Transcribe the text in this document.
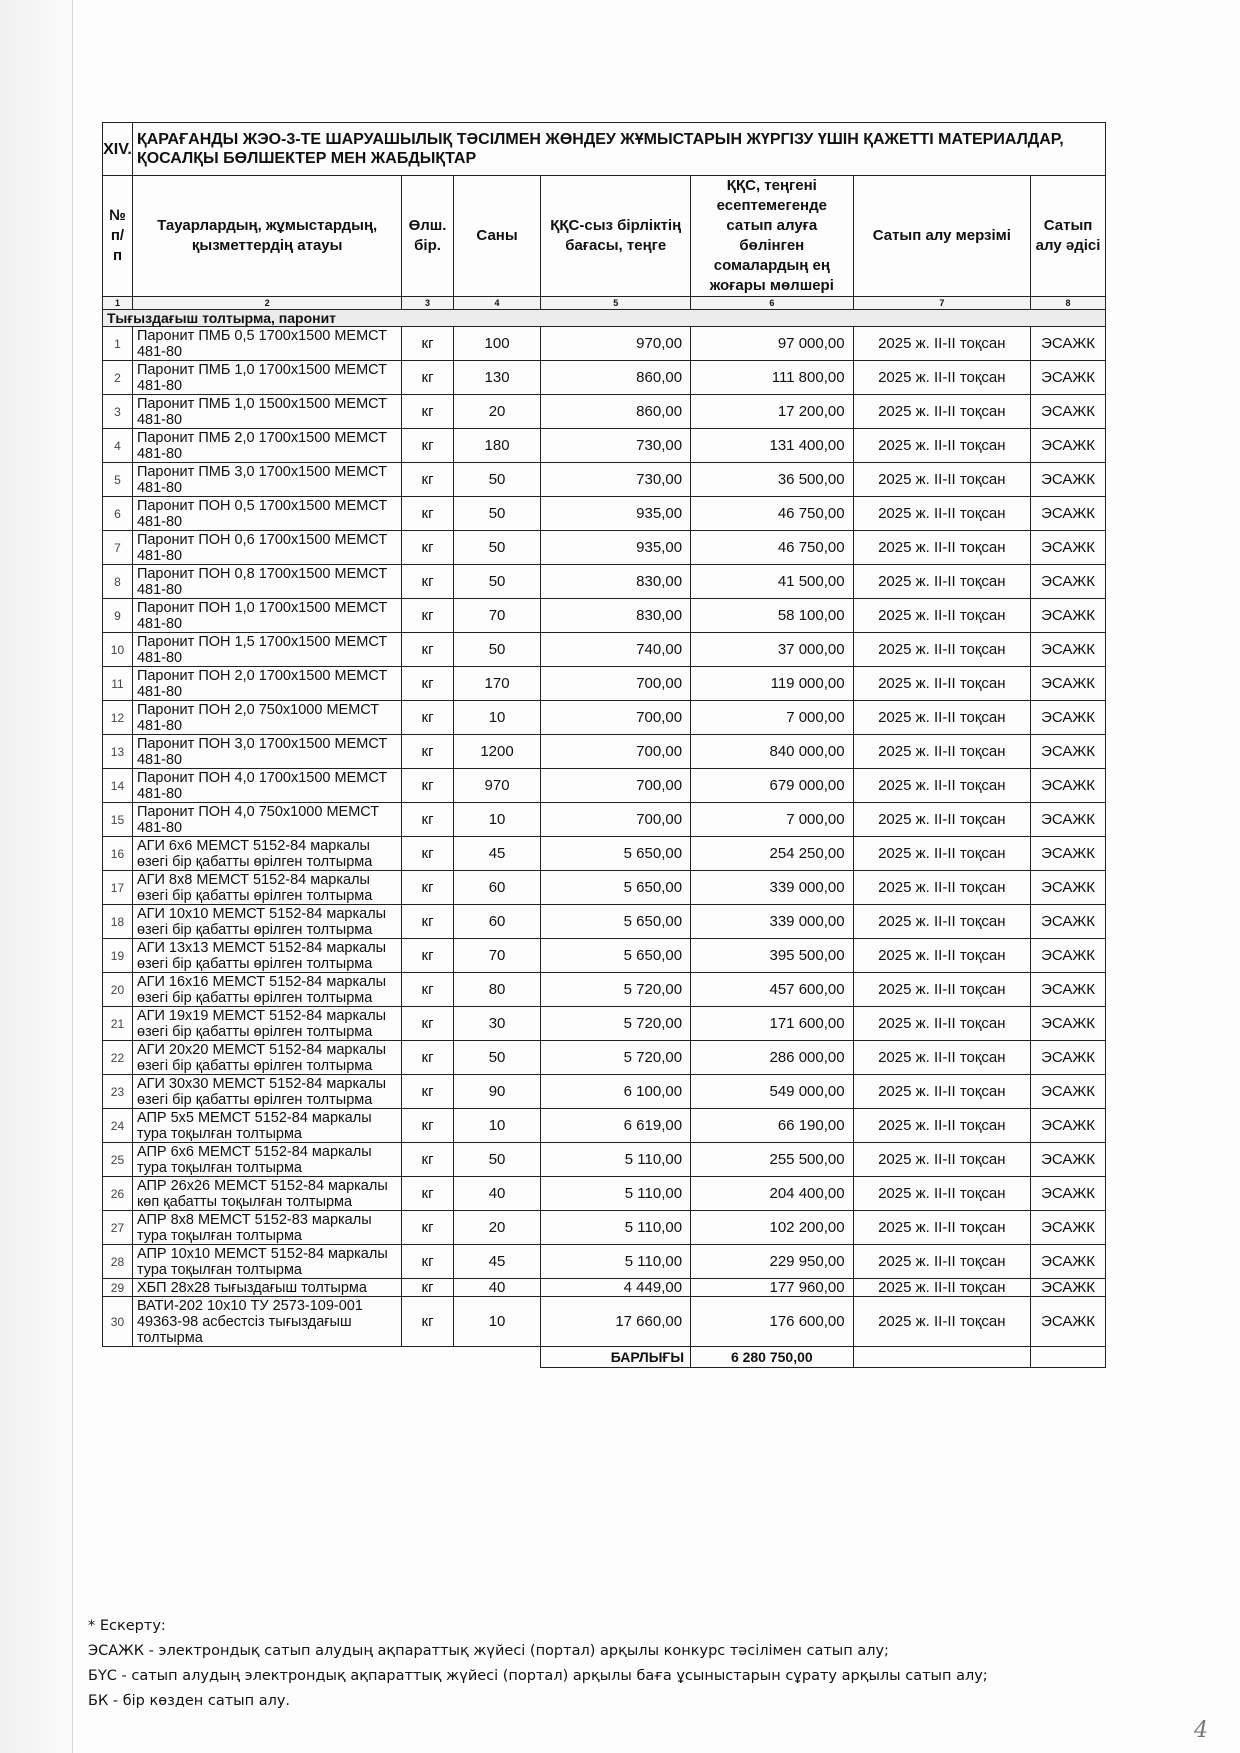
XIV.	ҚАРАҒАНДЫ ЖЭО-3-ТЕ ШАРУАШЫЛЫҚ ТӘСІЛМЕН ЖӨНДЕУ ЖҰМЫСТАРЫН ЖҮРГІЗУ ҮШІН ҚАЖЕТТІ МАТЕРИАЛДАР, ҚОСАЛҚЫ БӨЛШЕКТЕР МЕН ЖАБДЫҚТАР						
№ п/п	Тауарлардың, жұмыстардың, қызметтердің атауы	Өлш. бір.	Саны	ҚҚС-сыз бірліктің бағасы, теңге	ҚҚС, теңгені есептемегенде сатып алуға бөлінген сомалардың ең жоғары мөлшері	Сатып алу мерзімі	Сатып алу әдісі
1	2	3	4	5	6	7	8
Тығыздағыш толтырма, паронит							
1	Паронит ПМБ 0,5 1700х1500 МЕМСТ 481-80	кг	100	970,00	97 000,00	2025 ж. ІІ-ІІ тоқсан	ЭСАЖК
2	Паронит ПМБ 1,0 1700х1500 МЕМСТ 481-80	кг	130	860,00	111 800,00	2025 ж. ІІ-ІІ тоқсан	ЭСАЖК
3	Паронит ПМБ 1,0 1500х1500 МЕМСТ 481-80	кг	20	860,00	17 200,00	2025 ж. ІІ-ІІ тоқсан	ЭСАЖК
4	Паронит ПМБ 2,0 1700х1500 МЕМСТ 481-80	кг	180	730,00	131 400,00	2025 ж. ІІ-ІІ тоқсан	ЭСАЖК
5	Паронит ПМБ 3,0 1700х1500 МЕМСТ 481-80	кг	50	730,00	36 500,00	2025 ж. ІІ-ІІ тоқсан	ЭСАЖК
6	Паронит ПОН 0,5 1700х1500 МЕМСТ 481-80	кг	50	935,00	46 750,00	2025 ж. ІІ-ІІ тоқсан	ЭСАЖК
7	Паронит ПОН 0,6 1700х1500 МЕМСТ 481-80	кг	50	935,00	46 750,00	2025 ж. ІІ-ІІ тоқсан	ЭСАЖК
8	Паронит ПОН 0,8 1700х1500 МЕМСТ 481-80	кг	50	830,00	41 500,00	2025 ж. ІІ-ІІ тоқсан	ЭСАЖК
9	Паронит ПОН 1,0 1700х1500 МЕМСТ 481-80	кг	70	830,00	58 100,00	2025 ж. ІІ-ІІ тоқсан	ЭСАЖК
10	Паронит ПОН 1,5 1700х1500 МЕМСТ 481-80	кг	50	740,00	37 000,00	2025 ж. ІІ-ІІ тоқсан	ЭСАЖК
11	Паронит ПОН 2,0 1700х1500 МЕМСТ 481-80	кг	170	700,00	119 000,00	2025 ж. ІІ-ІІ тоқсан	ЭСАЖК
12	Паронит ПОН 2,0 750х1000 МЕМСТ 481-80	кг	10	700,00	7 000,00	2025 ж. ІІ-ІІ тоқсан	ЭСАЖК
13	Паронит ПОН 3,0 1700х1500 МЕМСТ 481-80	кг	1200	700,00	840 000,00	2025 ж. ІІ-ІІ тоқсан	ЭСАЖК
14	Паронит ПОН 4,0 1700х1500 МЕМСТ 481-80	кг	970	700,00	679 000,00	2025 ж. ІІ-ІІ тоқсан	ЭСАЖК
15	Паронит ПОН 4,0 750х1000 МЕМСТ 481-80	кг	10	700,00	7 000,00	2025 ж. ІІ-ІІ тоқсан	ЭСАЖК
16	АГИ 6х6 МЕМСТ 5152-84 маркалы өзегі бір қабатты өрілген толтырма	кг	45	5 650,00	254 250,00	2025 ж. ІІ-ІІ тоқсан	ЭСАЖК
17	АГИ 8х8 МЕМСТ 5152-84 маркалы өзегі бір қабатты өрілген толтырма	кг	60	5 650,00	339 000,00	2025 ж. ІІ-ІІ тоқсан	ЭСАЖК
18	АГИ 10х10 МЕМСТ 5152-84 маркалы өзегі бір қабатты өрілген толтырма	кг	60	5 650,00	339 000,00	2025 ж. ІІ-ІІ тоқсан	ЭСАЖК
19	АГИ 13х13 МЕМСТ 5152-84 маркалы өзегі бір қабатты өрілген толтырма	кг	70	5 650,00	395 500,00	2025 ж. ІІ-ІІ тоқсан	ЭСАЖК
20	АГИ 16х16 МЕМСТ 5152-84 маркалы өзегі бір қабатты өрілген толтырма	кг	80	5 720,00	457 600,00	2025 ж. ІІ-ІІ тоқсан	ЭСАЖК
21	АГИ 19х19 МЕМСТ 5152-84 маркалы өзегі бір қабатты өрілген толтырма	кг	30	5 720,00	171 600,00	2025 ж. ІІ-ІІ тоқсан	ЭСАЖК
22	АГИ 20х20 МЕМСТ 5152-84 маркалы өзегі бір қабатты өрілген толтырма	кг	50	5 720,00	286 000,00	2025 ж. ІІ-ІІ тоқсан	ЭСАЖК
23	АГИ 30х30 МЕМСТ 5152-84 маркалы өзегі бір қабатты өрілген толтырма	кг	90	6 100,00	549 000,00	2025 ж. ІІ-ІІ тоқсан	ЭСАЖК
24	АПР 5х5 МЕМСТ 5152-84 маркалы тура тоқылған толтырма	кг	10	6 619,00	66 190,00	2025 ж. ІІ-ІІ тоқсан	ЭСАЖК
25	АПР 6х6 МЕМСТ 5152-84 маркалы тура тоқылған толтырма	кг	50	5 110,00	255 500,00	2025 ж. ІІ-ІІ тоқсан	ЭСАЖК
26	АПР 26х26 МЕМСТ 5152-84 маркалы көп қабатты тоқылған толтырма	кг	40	5 110,00	204 400,00	2025 ж. ІІ-ІІ тоқсан	ЭСАЖК
27	АПР 8х8 МЕМСТ 5152-83 маркалы тура тоқылған толтырма	кг	20	5 110,00	102 200,00	2025 ж. ІІ-ІІ тоқсан	ЭСАЖК
28	АПР 10х10 МЕМСТ 5152-84 маркалы тура тоқылған толтырма	кг	45	5 110,00	229 950,00	2025 ж. ІІ-ІІ тоқсан	ЭСАЖК
29	ХБП 28х28 тығыздағыш толтырма	кг	40	4 449,00	177 960,00	2025 ж. ІІ-ІІ тоқсан	ЭСАЖК
30	ВАТИ-202 10х10 ТУ 2573-109-001 49363-98 асбестсіз тығыздағыш толтырма	кг	10	17 660,00	176 600,00	2025 ж. ІІ-ІІ тоқсан	ЭСАЖК
				БАРЛЫҒЫ	6 280 750,00		
* Ескерту:
ЭСАЖК - электрондық сатып алудың ақпараттық жүйесі (портал) арқылы конкурс тәсілімен сатып алу;
БҮС - сатып алудың электрондық ақпараттық жүйесі (портал) арқылы баға ұсыныстарын сұрату арқылы сатып алу;
БК - бір көзден сатып алу.
4
